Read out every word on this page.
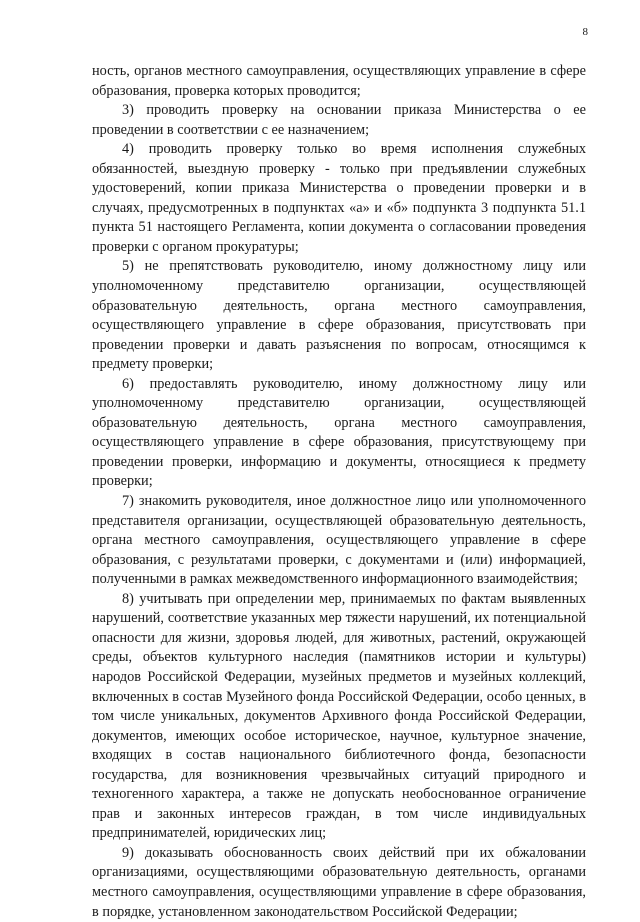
8

ность, органов местного самоуправления, осуществляющих управление в сфере образования, проверка которых проводится;

3) проводить проверку на основании приказа Министерства о ее проведении в соответствии с ее назначением;

4) проводить проверку только во время исполнения служебных обязанностей, выездную проверку - только при предъявлении служебных удостоверений, копии приказа Министерства о проведении проверки и в случаях, предусмотренных в подпунктах «а» и «б» подпункта 3 подпункта 51.1 пункта 51 настоящего Регламента, копии документа о согласовании проведения проверки с органом прокуратуры;

5) не препятствовать руководителю, иному должностному лицу или уполномоченному представителю организации, осуществляющей образовательную деятельность, органа местного самоуправления, осуществляющего управление в сфере образования, присутствовать при проведении проверки и давать разъяснения по вопросам, относящимся к предмету проверки;

6) предоставлять руководителю, иному должностному лицу или уполномоченному представителю организации, осуществляющей образовательную деятельность, органа местного самоуправления, осуществляющего управление в сфере образования, присутствующему при проведении проверки, информацию и документы, относящиеся к предмету проверки;

7) знакомить руководителя, иное должностное лицо или уполномоченного представителя организации, осуществляющей образовательную деятельность, органа местного самоуправления, осуществляющего управление в сфере образования, с результатами проверки, с документами и (или) информацией, полученными в рамках межведомственного информационного взаимодействия;

8) учитывать при определении мер, принимаемых по фактам выявленных нарушений, соответствие указанных мер тяжести нарушений, их потенциальной опасности для жизни, здоровья людей, для животных, растений, окружающей среды, объектов культурного наследия (памятников истории и культуры) народов Российской Федерации, музейных предметов и музейных коллекций, включенных в состав Музейного фонда Российской Федерации, особо ценных, в том числе уникальных, документов Архивного фонда Российской Федерации, документов, имеющих особое историческое, научное, культурное значение, входящих в состав национального библиотечного фонда, безопасности государства, для возникновения чрезвычайных ситуаций природного и техногенного характера, а также не допускать необоснованное ограничение прав и законных интересов граждан, в том числе индивидуальных предпринимателей, юридических лиц;

9) доказывать обоснованность своих действий при их обжаловании организациями, осуществляющими образовательную деятельность, органами местного самоуправления, осуществляющими управление в сфере образования, в порядке, установленном законодательством Российской Федерации;
